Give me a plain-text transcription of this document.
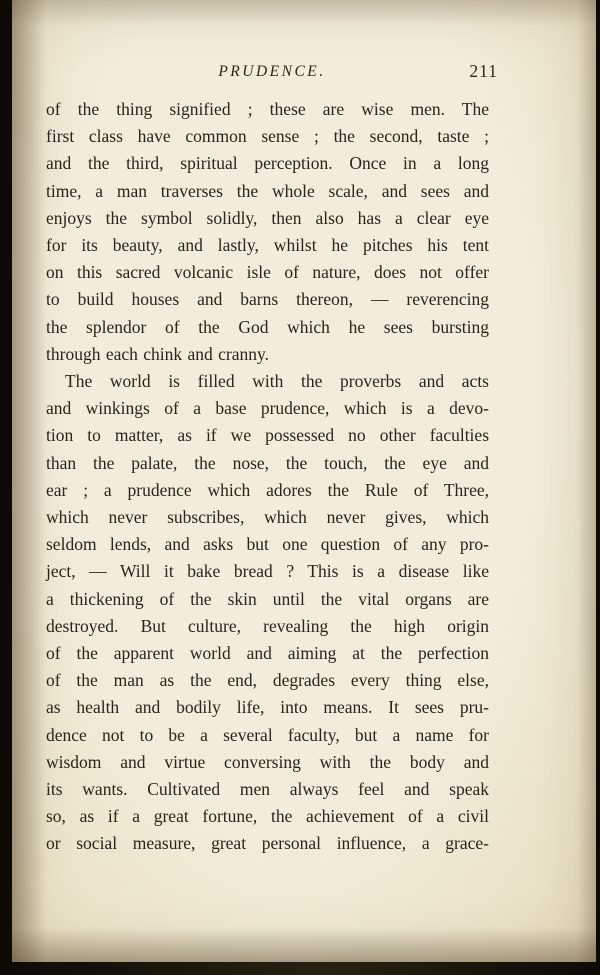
PRUDENCE.	211
of the thing signified ; these are wise men. The
first class have common sense ; the second, taste ;
and the third, spiritual perception. Once in a long
time, a man traverses the whole scale, and sees and
enjoys the symbol solidly, then also has a clear eye
for its beauty, and lastly, whilst he pitches his tent
on this sacred volcanic isle of nature, does not offer
to build houses and barns thereon, — reverencing
the splendor of the God which he sees bursting
through each chink and cranny.
The world is filled with the proverbs and acts
and winkings of a base prudence, which is a devo-
tion to matter, as if we possessed no other faculties
than the palate, the nose, the touch, the eye and
ear ; a prudence which adores the Rule of Three,
which never subscribes, which never gives, which
seldom lends, and asks but one question of any pro-
ject, — Will it bake bread ? This is a disease like
a thickening of the skin until the vital organs are
destroyed. But culture, revealing the high origin
of the apparent world and aiming at the perfection
of the man as the end, degrades every thing else,
as health and bodily life, into means. It sees pru-
dence not to be a several faculty, but a name for
wisdom and virtue conversing with the body and
its wants. Cultivated men always feel and speak
so, as if a great fortune, the achievement of a civil
or social measure, great personal influence, a grace-
